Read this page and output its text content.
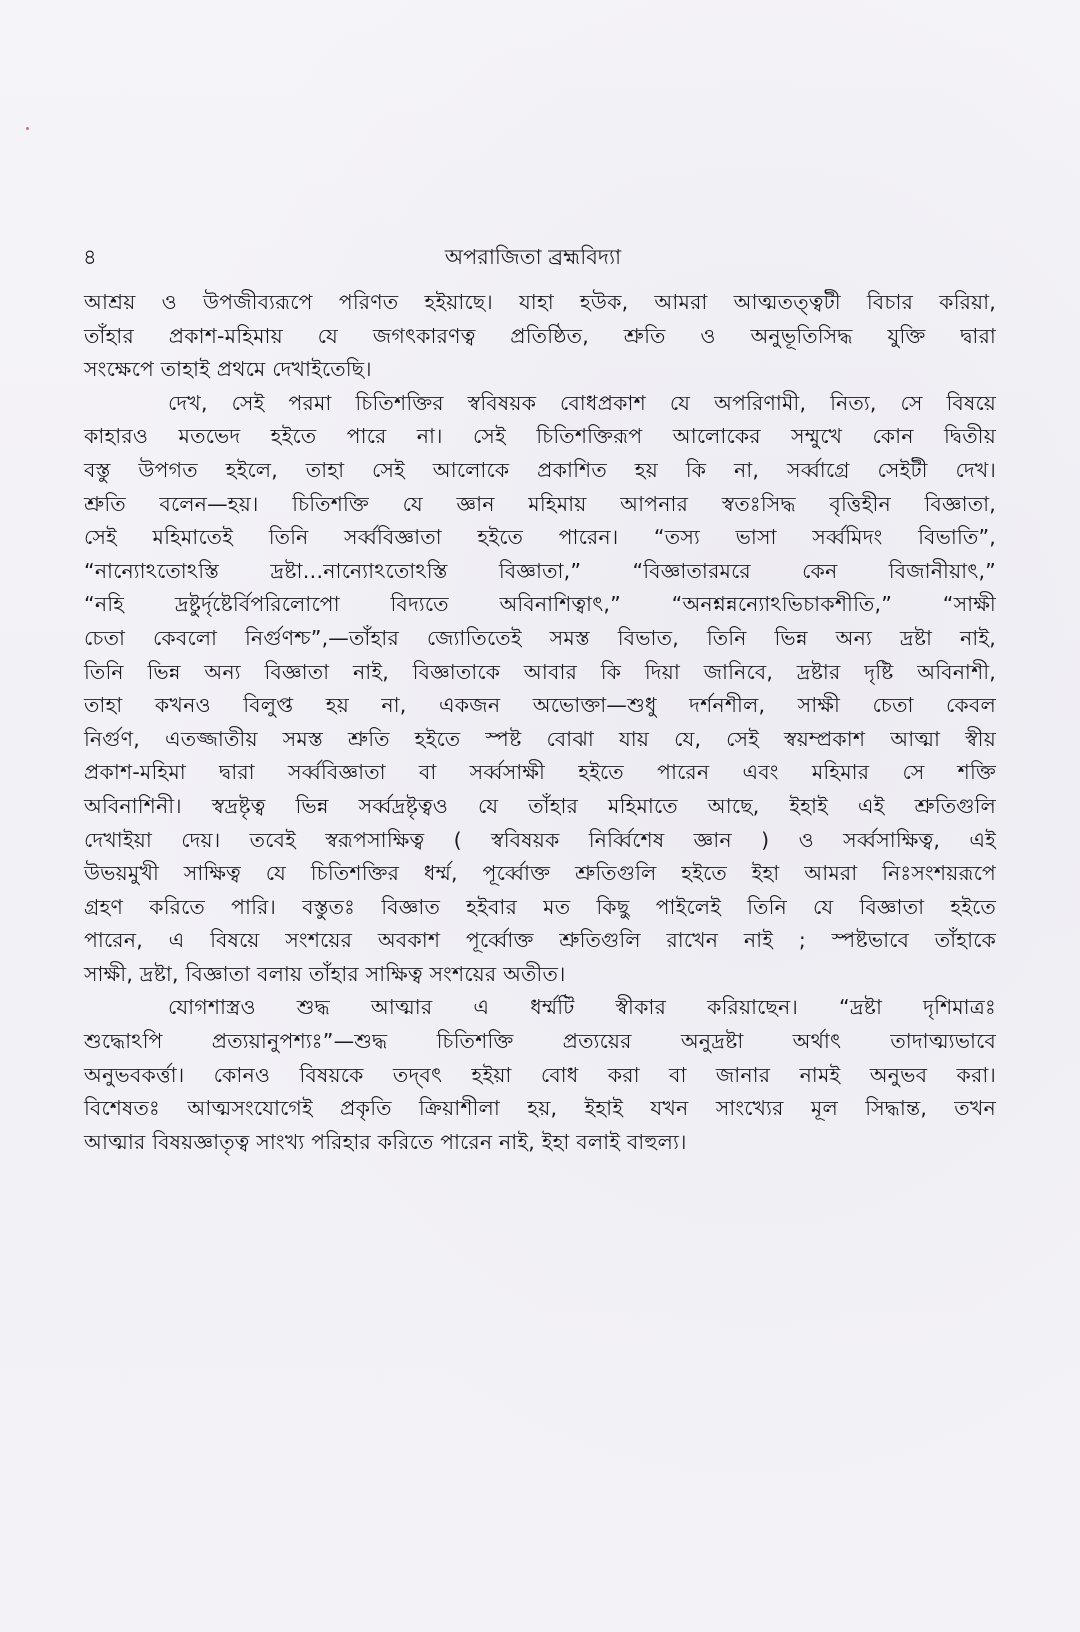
৪	অপরাজিতা ব্রহ্মবিদ্যা
আশ্রয় ও উপজীব্যরূপে পরিণত হইয়াছে। যাহা হউক, আমরা আত্মতত্ত্বটী বিচার করিয়া,
তাঁহার প্রকাশ-মহিমায় যে জগৎকারণত্ব প্রতিষ্ঠিত, শ্রুতি ও অনুভূতিসিদ্ধ যুক্তি দ্বারা
সংক্ষেপে তাহাই প্রথমে দেখাইতেছি।
দেখ, সেই পরমা চিতিশক্তির স্ববিষয়ক বোধপ্রকাশ যে অপরিণামী, নিত্য, সে বিষয়ে
কাহারও মতভেদ হইতে পারে না। সেই চিতিশক্তিরূপ আলোকের সম্মুখে কোন দ্বিতীয়
বস্তু উপগত হইলে, তাহা সেই আলোকে প্রকাশিত হয় কি না, সর্ব্বাগ্রে সেইটী দেখ।
শ্রুতি বলেন—হয়। চিতিশক্তি যে জ্ঞান মহিমায় আপনার স্বতঃসিদ্ধ বৃত্তিহীন বিজ্ঞাতা,
সেই মহিমাতেই তিনি সর্ব্ববিজ্ঞাতা হইতে পারেন। “তস্য ভাসা সর্ব্বমিদং বিভাতি”,
“নান্যোঽতোঽস্তি দ্রষ্টা…নান্যোঽতোঽস্তি বিজ্ঞাতা,” “বিজ্ঞাতারমরে কেন বিজানীয়াৎ,”
“নহি দ্রষ্টুর্দৃষ্টের্বিপরিলোপো বিদ্যতে অবিনাশিত্বাৎ,” “অনশ্নন্নন্যোঽভিচাকশীতি,” “সাক্ষী
চেতা কেবলো নির্গুণশ্চ”,—তাঁহার জ্যোতিতেই সমস্ত বিভাত, তিনি ভিন্ন অন্য দ্রষ্টা নাই,
তিনি ভিন্ন অন্য বিজ্ঞাতা নাই, বিজ্ঞাতাকে আবার কি দিয়া জানিবে, দ্রষ্টার দৃষ্টি অবিনাশী,
তাহা কখনও বিলুপ্ত হয় না, একজন অভোক্তা—শুধু দর্শনশীল, সাক্ষী চেতা কেবল
নির্গুণ, এতজ্জাতীয় সমস্ত শ্রুতি হইতে স্পষ্ট বোঝা যায় যে, সেই স্বয়ম্প্রকাশ আত্মা স্বীয়
প্রকাশ-মহিমা দ্বারা সর্ব্ববিজ্ঞাতা বা সর্ব্বসাক্ষী হইতে পারেন এবং মহিমার সে শক্তি
অবিনাশিনী। স্বদ্রষ্টৃত্ব ভিন্ন সর্ব্বদ্রষ্টৃত্বও যে তাঁহার মহিমাতে আছে, ইহাই এই শ্রুতিগুলি
দেখাইয়া দেয়। তবেই স্বরূপসাক্ষিত্ব ( স্ববিষয়ক নির্ব্বিশেষ জ্ঞান ) ও সর্ব্বসাক্ষিত্ব, এই
উভয়মুখী সাক্ষিত্ব যে চিতিশক্তির ধর্ম্ম, পূর্ব্বোক্ত শ্রুতিগুলি হইতে ইহা আমরা নিঃসংশয়রূপে
গ্রহণ করিতে পারি। বস্তুতঃ বিজ্ঞাত হইবার মত কিছু পাইলেই তিনি যে বিজ্ঞাতা হইতে
পারেন, এ বিষয়ে সংশয়ের অবকাশ পূর্ব্বোক্ত শ্রুতিগুলি রাখেন নাই ; স্পষ্টভাবে তাঁহাকে
সাক্ষী, দ্রষ্টা, বিজ্ঞাতা বলায় তাঁহার সাক্ষিত্ব সংশয়ের অতীত।
যোগশাস্ত্রও শুদ্ধ আত্মার এ ধর্ম্মটি স্বীকার করিয়াছেন। “দ্রষ্টা দৃশিমাত্রঃ
শুদ্ধোঽপি প্রত্যয়ানুপশ্যঃ”—শুদ্ধ চিতিশক্তি প্রত্যয়ের অনুদ্রষ্টা অর্থাৎ তাদাত্ম্যভাবে
অনুভবকর্ত্তা। কোনও বিষয়কে তদ্‌বৎ হইয়া বোধ করা বা জানার নামই অনুভব করা।
বিশেষতঃ আত্মসংযোগেই প্রকৃতি ক্রিয়াশীলা হয়, ইহাই যখন সাংখ্যের মূল সিদ্ধান্ত, তখন
আত্মার বিষয়জ্ঞাতৃত্ব সাংখ্য পরিহার করিতে পারেন নাই, ইহা বলাই বাহুল্য।
